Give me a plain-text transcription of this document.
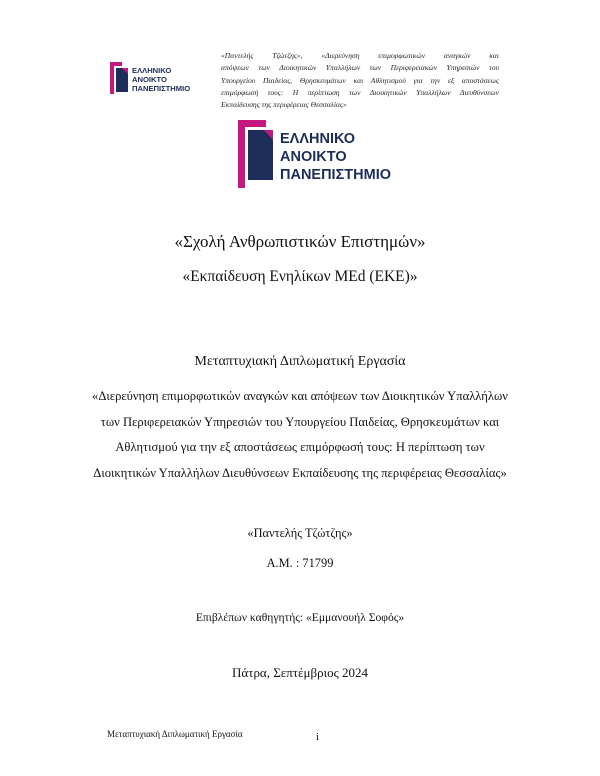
ΕΛΛΗΝΙΚΟ
ΑΝΟΙΚΤΟ
ΠΑΝΕΠΙΣΤΗΜΙΟ
«Παντελής Τζώτζης», «Διερεύνηση επιμορφωτικών αναγκών και
απόψεων των Διοικητικών Υπαλλήλων των Περιφερειακών Υπηρεσιών του
Υπουργείου Παιδείας, Θρησκευμάτων και Αθλητισμού για την εξ αποστάσεως
επιμόρφωσή τους: Η περίπτωση των Διοικητικών Υπαλλήλων Διευθύνσεων
Εκπαίδευσης της περιφέρειας Θεσσαλίας»
ΕΛΛΗΝΙΚΟ
ΑΝΟΙΚΤΟ
ΠΑΝΕΠΙΣΤΗΜΙΟ
«Σχολή Ανθρωπιστικών Επιστημών»
«Εκπαίδευση Ενηλίκων MEd (ΕΚΕ)»
Μεταπτυχιακή Διπλωματική Εργασία
«Διερεύνηση επιμορφωτικών αναγκών και απόψεων των Διοικητικών Υπαλλήλων
των Περιφερειακών Υπηρεσιών του Υπουργείου Παιδείας, Θρησκευμάτων και
Αθλητισμού για την εξ αποστάσεως επιμόρφωσή τους: Η περίπτωση των
Διοικητικών Υπαλλήλων Διευθύνσεων Εκπαίδευσης της περιφέρειας Θεσσαλίας»
«Παντελής Τζώτζης»
Α.Μ. : 71799
Επιβλέπων καθηγητής: «Εμμανουήλ Σοφός»
Πάτρα, Σεπτέμβριος 2024
Μεταπτυχιακή Διπλωματική Εργασία	i
